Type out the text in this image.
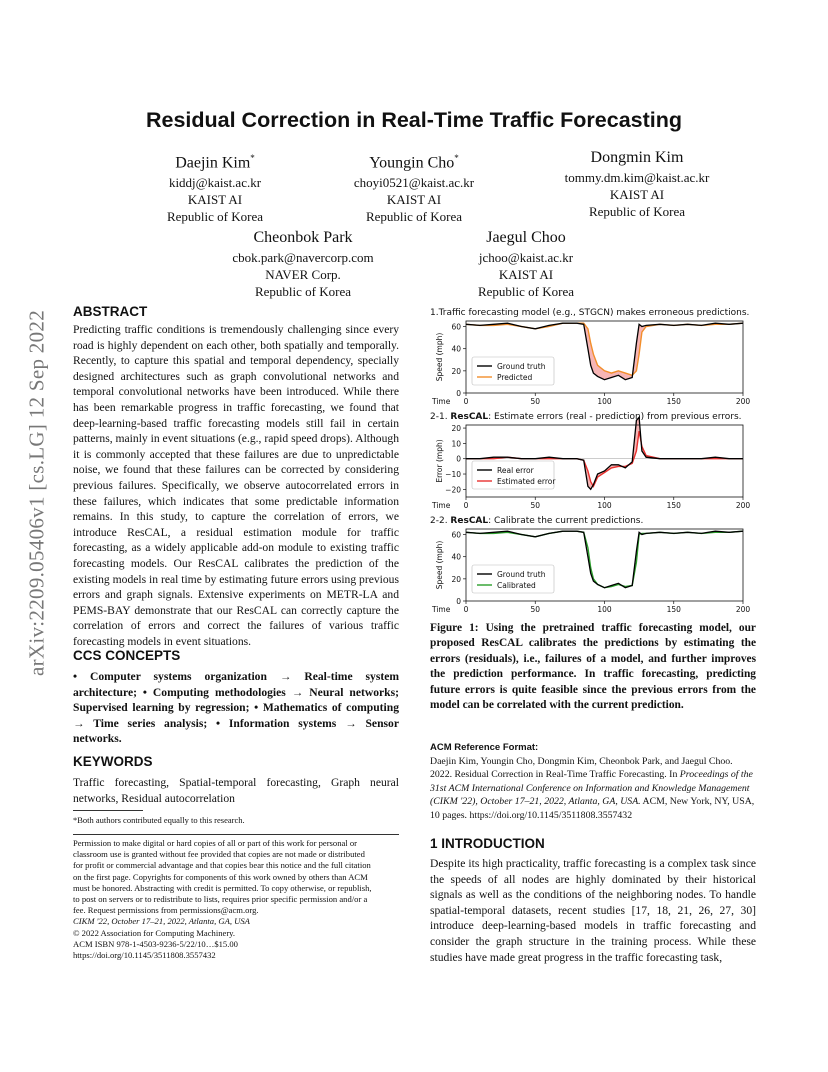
arXiv:2209.05406v1 [cs.LG] 12 Sep 2022
Residual Correction in Real-Time Traffic Forecasting
Daejin Kim*
kiddj@kaist.ac.kr
KAIST AI
Republic of Korea
Youngin Cho*
choyi0521@kaist.ac.kr
KAIST AI
Republic of Korea
Dongmin Kim
tommy.dm.kim@kaist.ac.kr
KAIST AI
Republic of Korea
Cheonbok Park
cbok.park@navercorp.com
NAVER Corp.
Republic of Korea
Jaegul Choo
jchoo@kaist.ac.kr
KAIST AI
Republic of Korea
ABSTRACT
Predicting traffic conditions is tremendously challenging since every road is highly dependent on each other, both spatially and temporally. Recently, to capture this spatial and temporal dependency, specially designed architectures such as graph convolutional networks and temporal convolutional networks have been introduced. While there has been remarkable progress in traffic forecasting, we found that deep-learning-based traffic forecasting models still fail in certain patterns, mainly in event situations (e.g., rapid speed drops). Although it is commonly accepted that these failures are due to unpredictable noise, we found that these failures can be corrected by considering previous failures. Specifically, we observe autocorrelated errors in these failures, which indicates that some predictable information remains. In this study, to capture the correlation of errors, we introduce ResCAL, a residual estimation module for traffic forecasting, as a widely applicable add-on module to existing traffic forecasting models. Our ResCAL calibrates the prediction of the existing models in real time by estimating future errors using previous errors and graph signals. Extensive experiments on METR-LA and PEMS-BAY demonstrate that our ResCAL can correctly capture the correlation of errors and correct the failures of various traffic forecasting models in event situations.
CCS CONCEPTS
• Computer systems organization → Real-time system architecture; • Computing methodologies → Neural networks; Supervised learning by regression; • Mathematics of computing → Time series analysis; • Information systems → Sensor networks.
KEYWORDS
Traffic forecasting, Spatial-temporal forecasting, Graph neural networks, Residual autocorrelation
*Both authors contributed equally to this research.
Permission to make digital or hard copies of all or part of this work for personal or
classroom use is granted without fee provided that copies are not made or distributed
for profit or commercial advantage and that copies bear this notice and the full citation
on the first page. Copyrights for components of this work owned by others than ACM
must be honored. Abstracting with credit is permitted. To copy otherwise, or republish,
to post on servers or to redistribute to lists, requires prior specific permission and/or a
fee. Request permissions from permissions@acm.org.
CIKM '22, October 17–21, 2022, Atlanta, GA, USA
© 2022 Association for Computing Machinery.
ACM ISBN 978-1-4503-9236-5/22/10…$15.00
https://doi.org/10.1145/3511808.3557432
1.Traffic forecasting model (e.g., STGCN) makes erroneous predictions.
2-1. ResCAL: Estimate errors (real - prediction) from previous errors.
2-2. ResCAL: Calibrate the current predictions.
0
20
40
60
0	50	100	150	200
Time
Speed (mph)	Ground truth
Predicted
−20
−10
0
10
20
0	50	100	150	200
Time
Error (mph)	Real error
Estimated error
0
20
40
60
0	50	100	150	200
Time
Speed (mph)	Ground truth
Calibrated
Figure 1: Using the pretrained traffic forecasting model, our proposed ResCAL calibrates the predictions by estimating the errors (residuals), i.e., failures of a model, and further improves the prediction performance. In traffic forecasting, predicting future errors is quite feasible since the previous errors from the model can be correlated with the current prediction.
ACM Reference Format:
Daejin Kim, Youngin Cho, Dongmin Kim, Cheonbok Park, and Jaegul Choo. 2022. Residual Correction in Real-Time Traffic Forecasting. In Proceedings of the 31st ACM International Conference on Information and Knowledge Management (CIKM '22), October 17–21, 2022, Atlanta, GA, USA. ACM, New York, NY, USA, 10 pages. https://doi.org/10.1145/3511808.3557432
1 INTRODUCTION
Despite its high practicality, traffic forecasting is a complex task since the speeds of all nodes are highly dominated by their historical signals as well as the conditions of the neighboring nodes. To handle spatial-temporal datasets, recent studies [17, 18, 21, 26, 27, 30] introduce deep-learning-based models in traffic forecasting and consider the graph structure in the training process. While these studies have made great progress in the traffic forecasting task,
